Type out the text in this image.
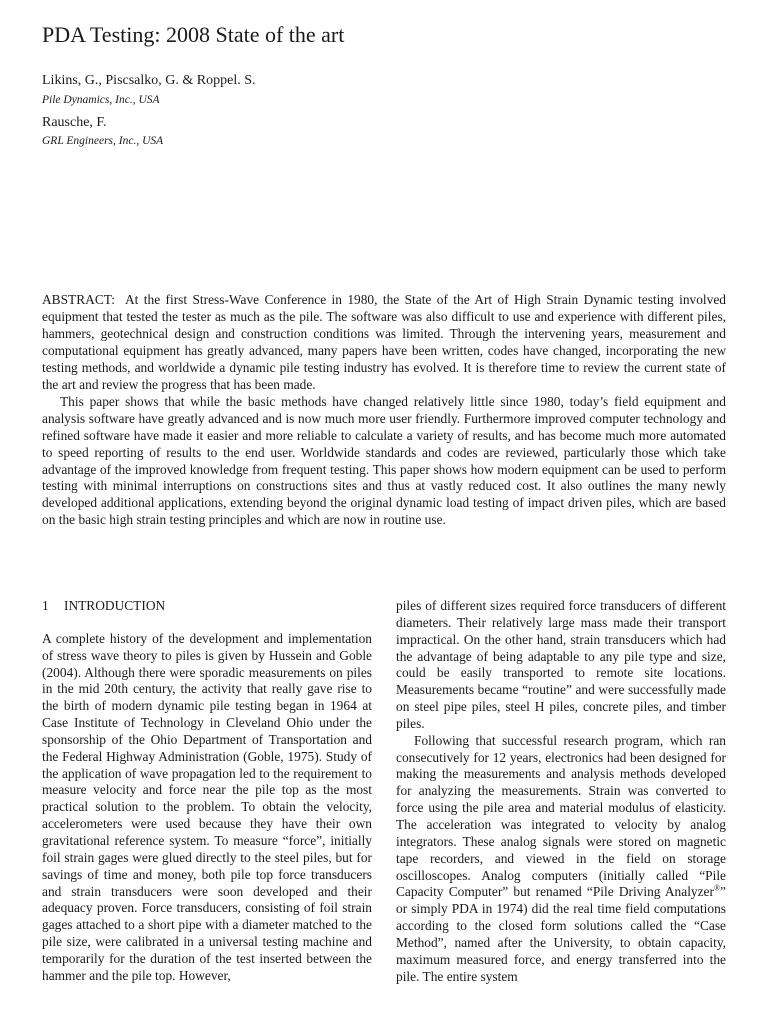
PDA Testing: 2008 State of the art
Likins, G., Piscsalko, G. & Roppel. S.
Pile Dynamics, Inc., USA
Rausche, F.
GRL Engineers, Inc., USA

ABSTRACT:  At the first Stress-Wave Conference in 1980, the State of the Art of High Strain Dynamic testing involved equipment that tested the tester as much as the pile. The software was also difficult to use and experience with different piles, hammers, geotechnical design and construction conditions was limited. Through the intervening years, measurement and computational equipment has greatly advanced, many papers have been written, codes have changed, incorporating the new testing methods, and worldwide a dynamic pile testing industry has evolved. It is therefore time to review the current state of the art and review the progress that has been made.

This paper shows that while the basic methods have changed relatively little since 1980, today’s field equipment and analysis software have greatly advanced and is now much more user friendly. Furthermore improved computer technology and refined software have made it easier and more reliable to calculate a variety of results, and has become much more automated to speed reporting of results to the end user. Worldwide standards and codes are reviewed, particularly those which take advantage of the improved knowledge from frequent testing. This paper shows how modern equipment can be used to perform testing with minimal interruptions on constructions sites and thus at vastly reduced cost. It also outlines the many newly developed additional applications, extending beyond the original dynamic load testing of impact driven piles, which are based on the basic high strain testing principles and which are now in routine use.

1 INTRODUCTION

A complete history of the development and implementation of stress wave theory to piles is given by Hussein and Goble (2004). Although there were sporadic measurements on piles in the mid 20th century, the activity that really gave rise to the birth of modern dynamic pile testing began in 1964 at Case Institute of Technology in Cleveland Ohio under the sponsorship of the Ohio Department of Transportation and the Federal Highway Administration (Goble, 1975). Study of the application of wave propagation led to the requirement to measure velocity and force near the pile top as the most practical solution to the problem. To obtain the velocity, accelerometers were used because they have their own gravitational reference system. To measure “force”, initially foil strain gages were glued directly to the steel piles, but for savings of time and money, both pile top force transducers and strain transducers were soon developed and their adequacy proven. Force transducers, consisting of foil strain gages attached to a short pipe with a diameter matched to the pile size, were calibrated in a universal testing machine and temporarily for the duration of the test inserted between the hammer and the pile top. However,

piles of different sizes required force transducers of different diameters. Their relatively large mass made their transport impractical. On the other hand, strain transducers which had the advantage of being adaptable to any pile type and size, could be easily transported to remote site locations. Measurements became “routine” and were successfully made on steel pipe piles, steel H piles, concrete piles, and timber piles.

Following that successful research program, which ran consecutively for 12 years, electronics had been designed for making the measurements and analysis methods developed for analyzing the measurements. Strain was converted to force using the pile area and material modulus of elasticity. The acceleration was integrated to velocity by analog integrators. These analog signals were stored on magnetic tape recorders, and viewed in the field on storage oscilloscopes. Analog computers (initially called “Pile Capacity Computer” but renamed “Pile Driving Analyzer®” or simply PDA in 1974) did the real time field computations according to the closed form solutions called the “Case Method”, named after the University, to obtain capacity, maximum measured force, and energy transferred into the pile. The entire system
